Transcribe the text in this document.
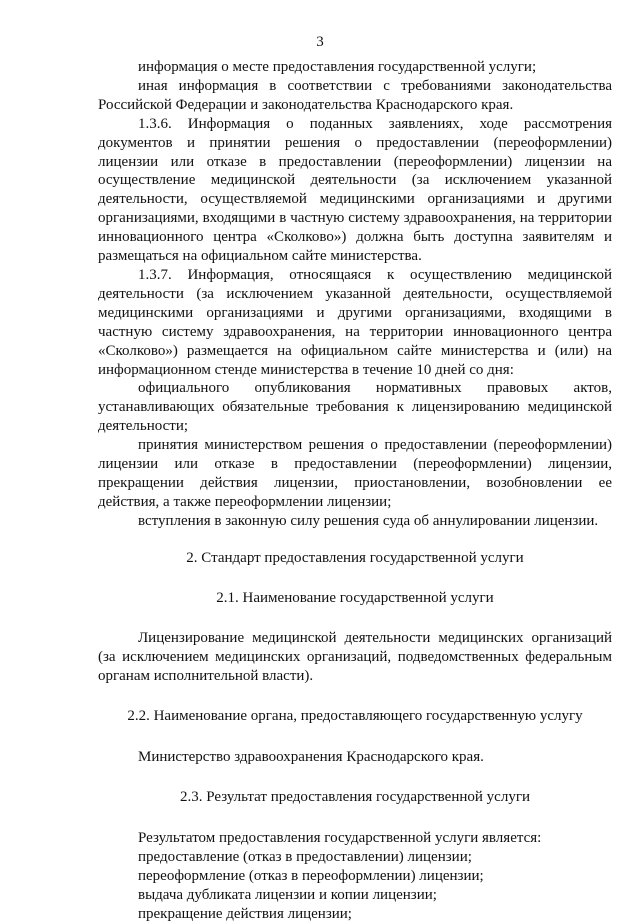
3

информация о месте предоставления государственной услуги;

иная информация в соответствии с требованиями законодательства Российской Федерации и законодательства Краснодарского края.

1.3.6. Информация о поданных заявлениях, ходе рассмотрения документов и принятии решения о предоставлении (переоформлении) лицензии или отказе в предоставлении (переоформлении) лицензии на осуществление медицинской деятельности (за исключением указанной деятельности, осуществляемой медицинскими организациями и другими организациями, входящими в частную систему здравоохранения, на территории инновационного центра «Сколково») должна быть доступна заявителям и размещаться на официальном сайте министерства.

1.3.7. Информация, относящаяся к осуществлению медицинской деятельности (за исключением указанной деятельности, осуществляемой медицинскими организациями и другими организациями, входящими в частную систему здравоохранения, на территории инновационного центра «Сколково») размещается на официальном сайте министерства и (или) на информационном стенде министерства в течение 10 дней со дня:

официального опубликования нормативных правовых актов, устанавливающих обязательные требования к лицензированию медицинской деятельности;

принятия министерством решения о предоставлении (переоформлении) лицензии или отказе в предоставлении (переоформлении) лицензии, прекращении действия лицензии, приостановлении, возобновлении ее действия, а также переоформлении лицензии;

вступления в законную силу решения суда об аннулировании лицензии.

2. Стандарт предоставления государственной услуги

2.1. Наименование государственной услуги

Лицензирование медицинской деятельности медицинских организаций (за исключением медицинских организаций, подведомственных федеральным органам исполнительной власти).

2.2. Наименование органа, предоставляющего государственную услугу

Министерство здравоохранения Краснодарского края.

2.3. Результат предоставления государственной услуги

Результатом предоставления государственной услуги является:

предоставление (отказ в предоставлении) лицензии;

переоформление (отказ в переоформлении) лицензии;

выдача дубликата лицензии и копии лицензии;

прекращение действия лицензии;
